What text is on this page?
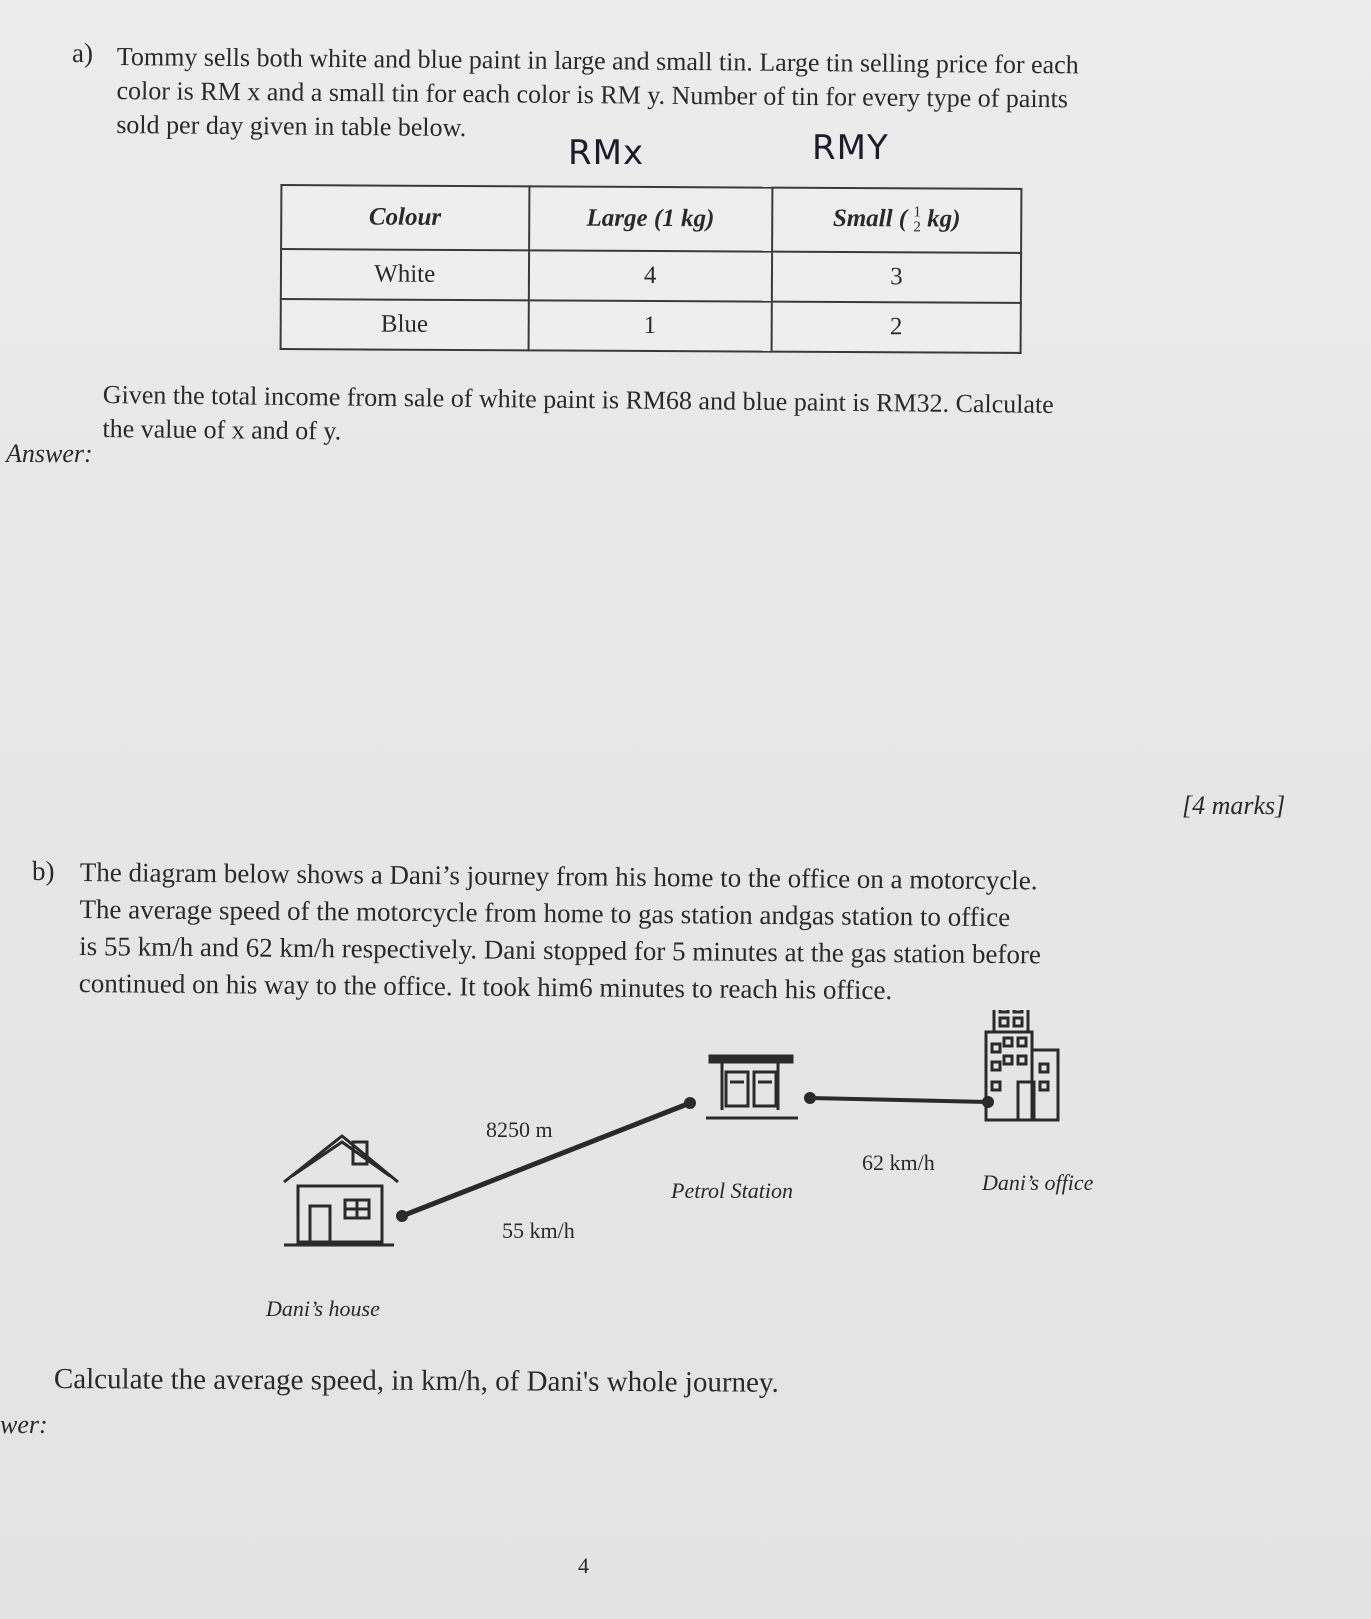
a) Tommy sells both white and blue paint in large and small tin. Large tin selling price for each
color is RM x and a small tin for each color is RM y. Number of tin for every type of paints
sold per day given in table below.
RMx	RMY
Colour	Large (1 kg)	Small ( 1
2 kg)
White	4	3
Blue	1	2
Given the total income from sale of white paint is RM68 and blue paint is RM32. Calculate
the value of x and of y.
Answer:
[4 marks]
b) The diagram below shows a Dani’s journey from his home to the office on a motorcycle.
The average speed of the motorcycle from home to gas station andgas station to office
is 55 km/h and 62 km/h respectively. Dani stopped for 5 minutes at the gas station before
continued on his way to the office. It took him6 minutes to reach his office.
8250 m
55 km/h
62 km/h
Petrol Station	Dani’s office
Dani’s house
Calculate the average speed, in km/h, of Dani's whole journey.
wer:
4
